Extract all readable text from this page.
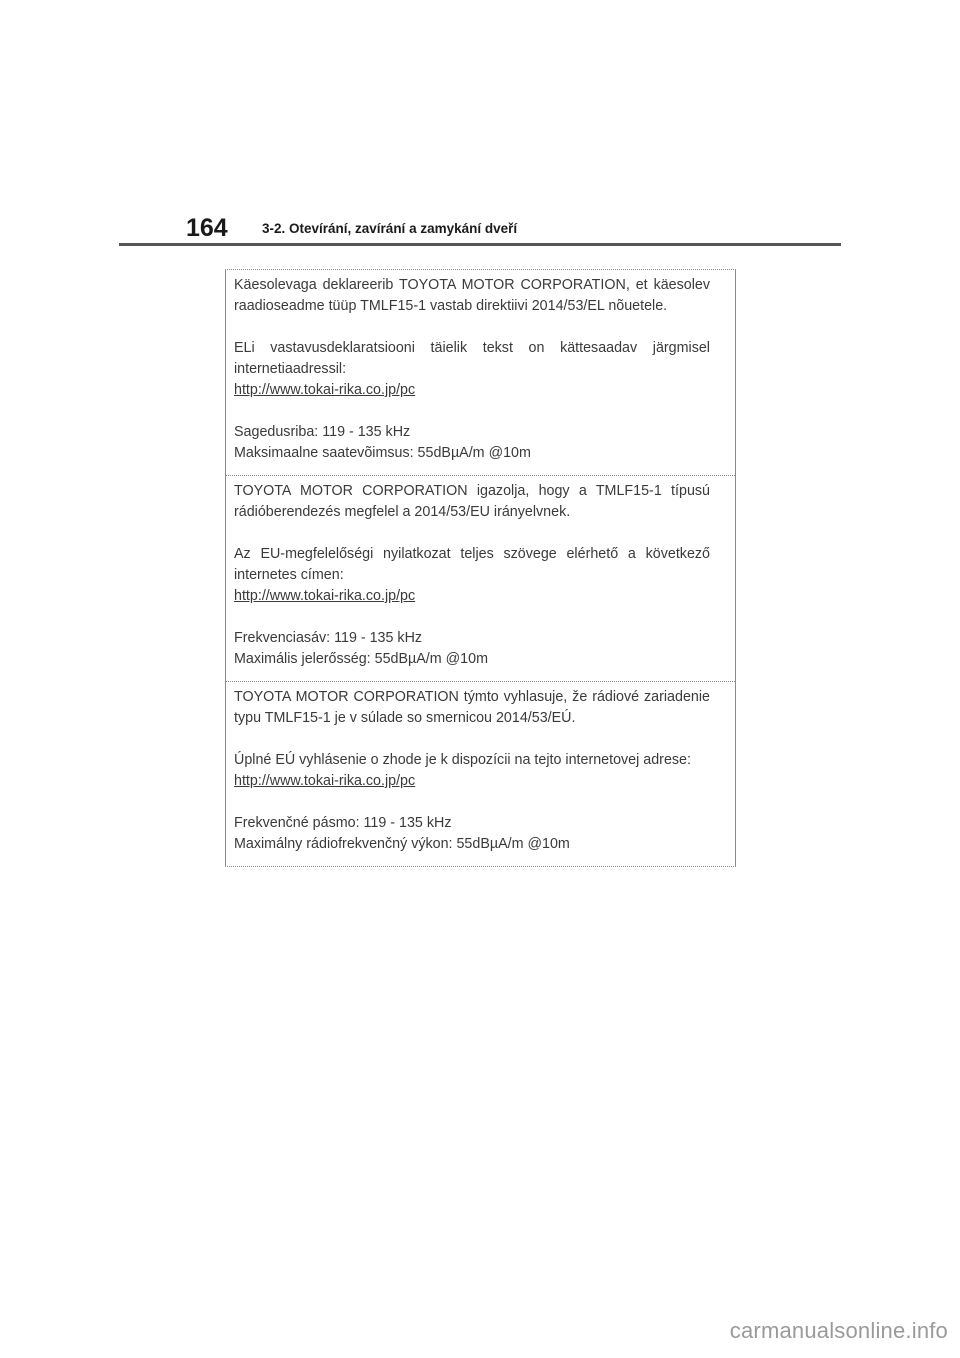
164	3-2. Otevírání, zavírání a zamykání dveří

Käesolevaga deklareerib TOYOTA MOTOR CORPORATION, et käesolev raadioseadme tüüp TMLF15-1 vastab direktiivi 2014/53/EL nõuetele.

ELi vastavusdeklaratsiooni täielik tekst on kättesaadav järgmisel internetiaadressil:
http://www.tokai-rika.co.jp/pc

Sagedusriba: 119 - 135 kHz
Maksimaalne saatevõimsus: 55dBµA/m @10m

TOYOTA MOTOR CORPORATION igazolja, hogy a TMLF15-1 típusú rádióberendezés megfelel a 2014/53/EU irányelvnek.

Az EU-megfelelőségi nyilatkozat teljes szövege elérhető a következő internetes címen:
http://www.tokai-rika.co.jp/pc

Frekvenciasáv: 119 - 135 kHz
Maximális jelerősség: 55dBµA/m @10m

TOYOTA MOTOR CORPORATION týmto vyhlasuje, že rádiové zariadenie typu TMLF15-1 je v súlade so smernicou 2014/53/EÚ.

Úplné EÚ vyhlásenie o zhode je k dispozícii na tejto internetovej adrese:
http://www.tokai-rika.co.jp/pc

Frekvenčné pásmo: 119 - 135 kHz
Maximálny rádiofrekvenčný výkon: 55dBµA/m @10m

carmanualsonline.info
